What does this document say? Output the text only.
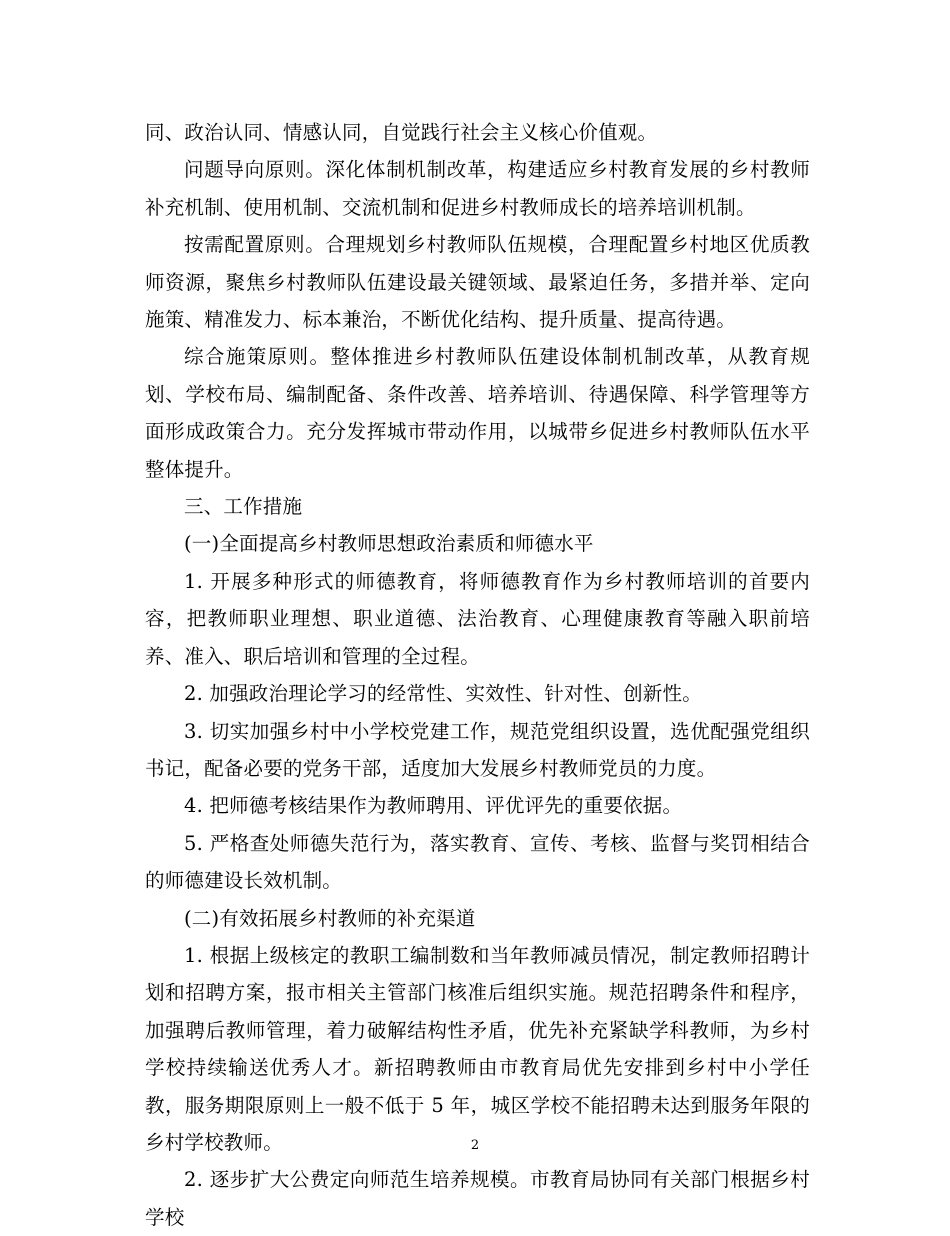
同、政治认同、情感认同，自觉践行社会主义核心价值观。

问题导向原则。深化体制机制改革，构建适应乡村教育发展的乡村教师补充机制、使用机制、交流机制和促进乡村教师成长的培养培训机制。

按需配置原则。合理规划乡村教师队伍规模，合理配置乡村地区优质教师资源，聚焦乡村教师队伍建设最关键领域、最紧迫任务，多措并举、定向施策、精准发力、标本兼治，不断优化结构、提升质量、提高待遇。

综合施策原则。整体推进乡村教师队伍建设体制机制改革，从教育规划、学校布局、编制配备、条件改善、培养培训、待遇保障、科学管理等方面形成政策合力。充分发挥城市带动作用，以城带乡促进乡村教师队伍水平整体提升。

三、工作措施

(一)全面提高乡村教师思想政治素质和师德水平

1. 开展多种形式的师德教育，将师德教育作为乡村教师培训的首要内容，把教师职业理想、职业道德、法治教育、心理健康教育等融入职前培养、准入、职后培训和管理的全过程。

2. 加强政治理论学习的经常性、实效性、针对性、创新性。

3. 切实加强乡村中小学校党建工作，规范党组织设置，选优配强党组织书记，配备必要的党务干部，适度加大发展乡村教师党员的力度。

4. 把师德考核结果作为教师聘用、评优评先的重要依据。

5. 严格查处师德失范行为，落实教育、宣传、考核、监督与奖罚相结合的师德建设长效机制。

(二)有效拓展乡村教师的补充渠道

1. 根据上级核定的教职工编制数和当年教师减员情况，制定教师招聘计划和招聘方案，报市相关主管部门核准后组织实施。规范招聘条件和程序，加强聘后教师管理，着力破解结构性矛盾，优先补充紧缺学科教师，为乡村学校持续输送优秀人才。新招聘教师由市教育局优先安排到乡村中小学任教，服务期限原则上一般不低于 5 年，城区学校不能招聘未达到服务年限的乡村学校教师。

2. 逐步扩大公费定向师范生培养规模。市教育局协同有关部门根据乡村学校

2
